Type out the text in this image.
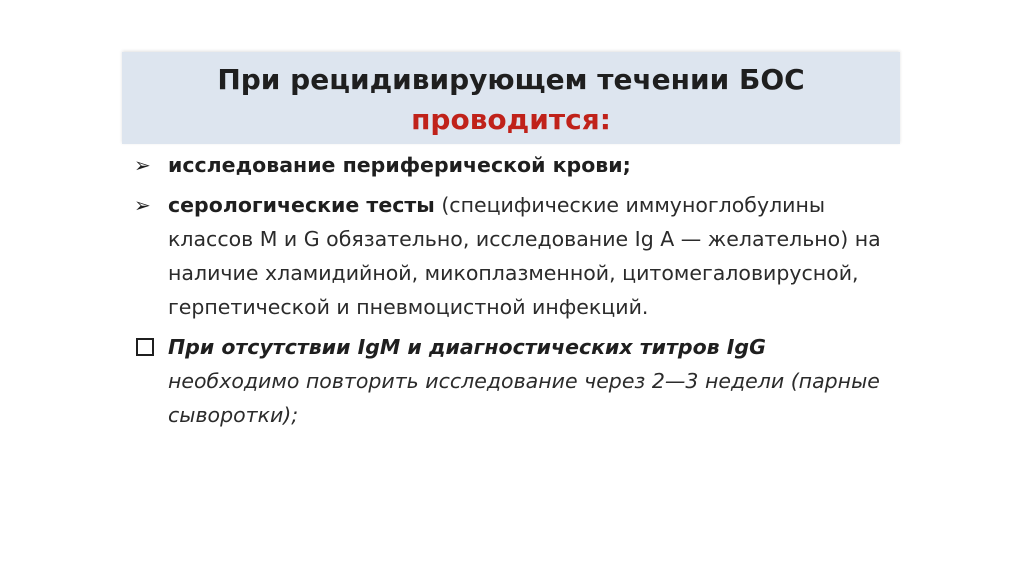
При рецидивирующем течении БОС
проводится:
➢ исследование периферической крови;
➢ серологические тесты (специфические иммуноглобулины классов М и G обязательно, исследование Ig A — желательно) на наличие хламидийной, микоплазменной, цитомегаловирусной, герпетической и пневмоцистной инфекций.
При отсутствии IgM и диагностических титров IgG необходимо повторить исследование через 2—3 недели (парные сыворотки);
